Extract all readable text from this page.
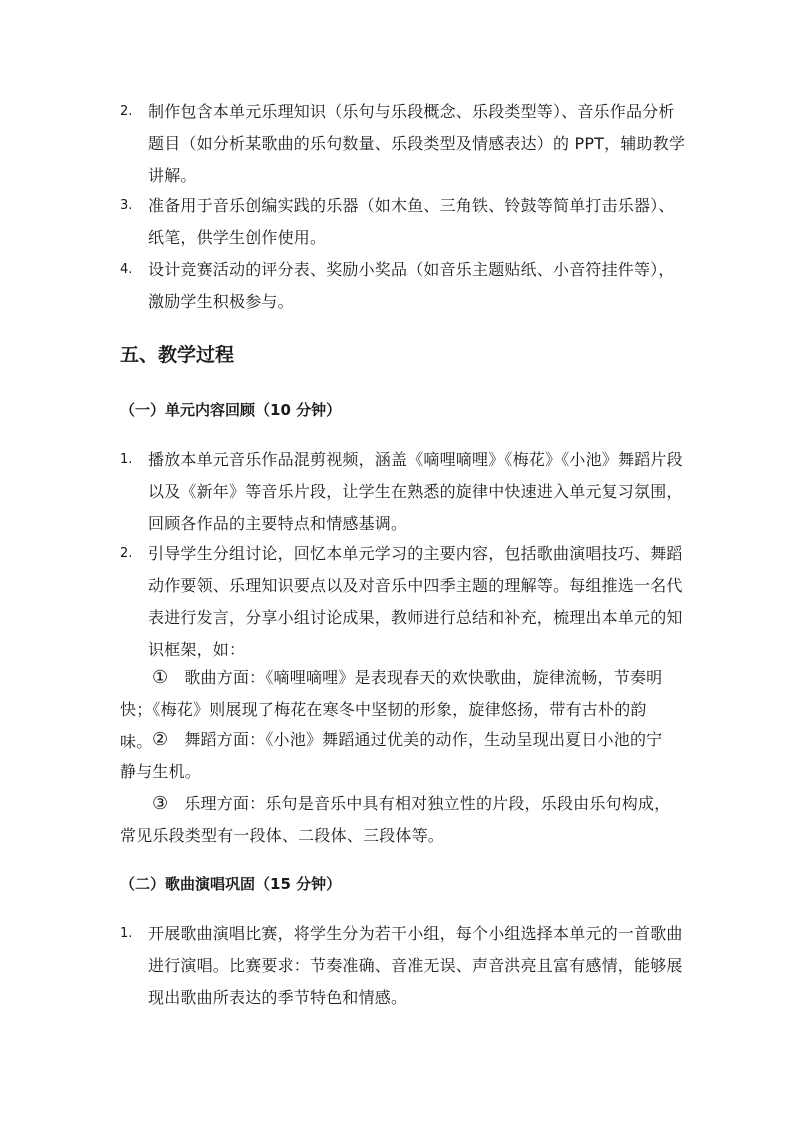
2. 制作包含本单元乐理知识（乐句与乐段概念、乐段类型等）、音乐作品分析题目（如分析某歌曲的乐句数量、乐段类型及情感表达）的 PPT，辅助教学讲解。
3. 准备用于音乐创编实践的乐器（如木鱼、三角铁、铃鼓等简单打击乐器）、纸笔，供学生创作使用。
4. 设计竞赛活动的评分表、奖励小奖品（如音乐主题贴纸、小音符挂件等），激励学生积极参与。
五、教学过程
（一）单元内容回顾（10 分钟）
1. 播放本单元音乐作品混剪视频，涵盖《嘀哩嘀哩》《梅花》《小池》舞蹈片段以及《新年》等音乐片段，让学生在熟悉的旋律中快速进入单元复习氛围，回顾各作品的主要特点和情感基调。
2. 引导学生分组讨论，回忆本单元学习的主要内容，包括歌曲演唱技巧、舞蹈动作要领、乐理知识要点以及对音乐中四季主题的理解等。每组推选一名代表进行发言，分享小组讨论成果，教师进行总结和补充，梳理出本单元的知识框架，如：
① 歌曲方面：《嘀哩嘀哩》是表现春天的欢快歌曲，旋律流畅，节奏明快；《梅花》则展现了梅花在寒冬中坚韧的形象，旋律悠扬，带有古朴的韵味。 ② 舞蹈方面：《小池》舞蹈通过优美的动作，生动呈现出夏日小池的宁静与生机。
③ 乐理方面：乐句是音乐中具有相对独立性的片段，乐段由乐句构成，常见乐段类型有一段体、二段体、三段体等。
（二）歌曲演唱巩固（15 分钟）
1. 开展歌曲演唱比赛，将学生分为若干小组，每个小组选择本单元的一首歌曲进行演唱。比赛要求：节奏准确、音准无误、声音洪亮且富有感情，能够展现出歌曲所表达的季节特色和情感。
